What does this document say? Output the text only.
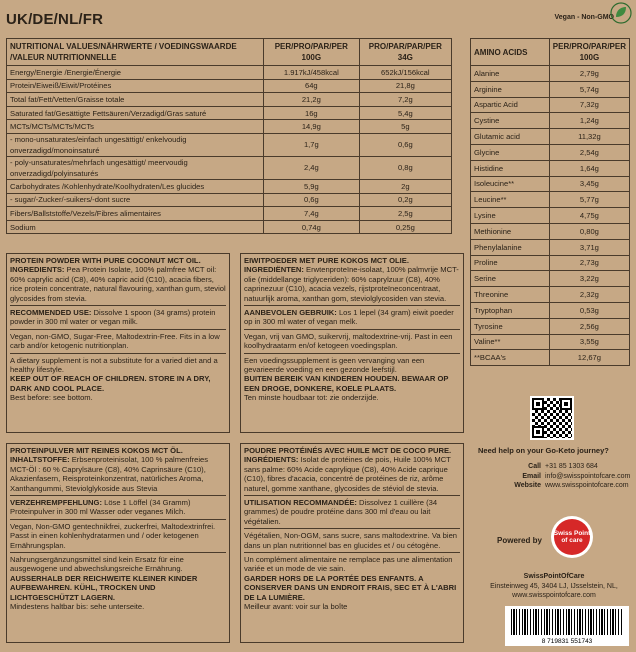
UK/DE/NL/FR	Vegan - Non-GMO
NUTRITIONAL VALUES/NÄHRWERTE / VOEDINGSWAARDE /VALEUR NUTRITIONNELLE	PER/PRO/PAR/PER 100G	PRO/PAR/PAR/PER 34G
Energy/Energie /Energie/Énergie	1.917kJ/458kcal	652kJ/156kcal
Protein/Eiweiß/Eiwit/Protéines	64g	21,8g
Total fat/Fett/Vetten/Graisse totale	21,2g	7,2g
Saturated fat/Gesättigte Fettsäuren/Verzadigd/Gras saturé	16g	5,4g
MCTs/MCTs/MCTs/MCTs	14,9g	5g
- mono-unsaturates/einfach ungesättigt/ enkelvoudig onverzadigd/monoinsaturé	1,7g	0,6g
- poly-unsaturates/mehrfach ungesättigt/ meervoudig onverzadigd/polyinsaturés	2,4g	0,8g
Carbohydrates /Kohlenhydrate/Koolhydraten/Les glucides	5,9g	2g
- sugar/-Zucker/-suikers/-dont sucre	0,6g	0,2g
Fibers/Ballststoffe/Vezels/Fibres alimentaires	7,4g	2,5g
Sodium	0,74g	0,25g
AMINO ACIDS	PER/PRO/PAR/PER 100G
Alanine	2,79g
Arginine	5,74g
Aspartic Acid	7,32g
Cystine	1,24g
Glutamic acid	11,32g
Glycine	2,54g
Histidine	1,64g
Isoleucine**	3,45g
Leucine**	5,77g
Lysine	4,75g
Methionine	0,80g
Phenylalanine	3,71g
Proline	2,73g
Serine	3,22g
Threonine	2,32g
Tryptophan	0,53g
Tyrosine	2,56g
Valine**	3,55g
**BCAA's	12,67g

PROTEIN POWDER WITH PURE COCONUT MCT OIL.
INGREDIENTS: Pea Protein Isolate, 100% palmfree MCT oil: 60% caprylic acid (C8), 40% capric acid (C10), acacia fibers, rice protein concentrate, natural flavouring, xanthan gum, steviol glycosides from stevia.

RECOMMENDED USE: Dissolve 1 spoon (34 grams) protein powder in 300 ml water or vegan milk.

Vegan, non-GMO, Sugar-Free, Maltodextrin-Free. Fits in a low carb and/or ketogenic nutritionplan.

A dietary supplement is not a substitute for a varied diet and a healthy lifestyle.
KEEP OUT OF REACH OF CHILDREN. STORE IN A DRY, DARK AND COOL PLACE.
Best before: see bottom.

EIWITPOEDER MET PURE KOKOS MCT OLIE.
INGREDIËNTEN: Erwtenproteïne-isolaat, 100% palmvrije MCT-olie (middellange triglyceriden): 60% caprylzuur (C8), 40% caprinezuur (C10), acacia vezels, rijstproteïneconcentraat, natuurlijk aroma, xanthan gom, steviolglycosiden van stevia.

AANBEVOLEN GEBRUIK: Los 1 lepel (34 gram) eiwit poeder op in 300 ml water of vegan melk.

Vegan, vrij van GMO, suikervrij, maltodextrine-vrij. Past in een koolhydraatarm en/of ketogeen voedingsplan.

Een voedingssupplement is geen vervanging van een gevarieerde voeding en een gezonde leefstijl.
BUITEN BEREIK VAN KINDEREN HOUDEN. BEWAAR OP EEN DROGE, DONKERE, KOELE PLAATS.
Ten minste houdbaar tot: zie onderzijde.

PROTEINPULVER MIT REINES KOKOS MCT ÖL.
INHALTSTOFFE: Erbsenproteinisolat, 100 % palmenfreies MCT-Öl : 60 % Caprylsäure (C8), 40% Caprinsäure (C10), Akazienfasern, Reisproteinkonzentrat, natürliches Aroma, Xanthangummi, Steviolglykoside aus Stevia

VERZEHREMPFEHLUNG: Löse 1 Löffel (34 Gramm) Proteinpulver in 300 ml Wasser oder veganes Milch.

Vegan, Non-GMO gentechnikfrei, zuckerfrei, Maltodextrinfrei. Passt in einen kohlenhydratarmen und / oder ketogenen Ernährungsplan.

Nahrungsergänzungsmittel sind kein Ersatz für eine ausgewogene und abwechslungsreiche Ernährung.
AUSSERHALB DER REICHWEITE KLEINER KINDER AUFBEWAHREN. KÜHL, TROCKEN UND LICHTGESCHÜTZT LAGERN.
Mindestens haltbar bis: sehe unterseite.

POUDRE PROTÉINÉS AVEC HUILE MCT DE COCO PURE. INGRÉDIENTS: Isolat de protéines de pois, Huile 100% MCT sans palme: 60% Acide caprylique (C8), 40% Acide caprique (C10), fibres d'acacia, concentré de protéines de riz, arôme naturel, gomme xanthane, glycosides de stéviol de stevia.

UTILISATION RECOMMANDÉE: Dissolvez 1 cuillère (34 grammes) de poudre protéine dans 300 ml d'eau ou lait végétalien.

Végétalien, Non-OGM, sans sucre, sans maltodextrine. Va bien dans un plan nutritionnel bas en glucides et / ou cétogène.

Un complément alimentaire ne remplace pas une alimentation variée et un mode de vie sain.
GARDER HORS DE LA PORTÉE DES ENFANTS. A CONSERVER DANS UN ENDROIT FRAIS, SEC ET À L'ABRI DE LA LUMIÈRE.
Meilleur avant: voir sur la boîte

Need help on your Go-Keto journey?
Call +31 85 1303 684
Email info@swisspointofcare.com
Website www.swisspointofcare.com
Powered by
Swiss Point of care
SwissPointOfCare
Einsteinweg 45, 3404 LJ, IJsselstein, NL,
www.swisspointofcare.com
8 719831 551743
